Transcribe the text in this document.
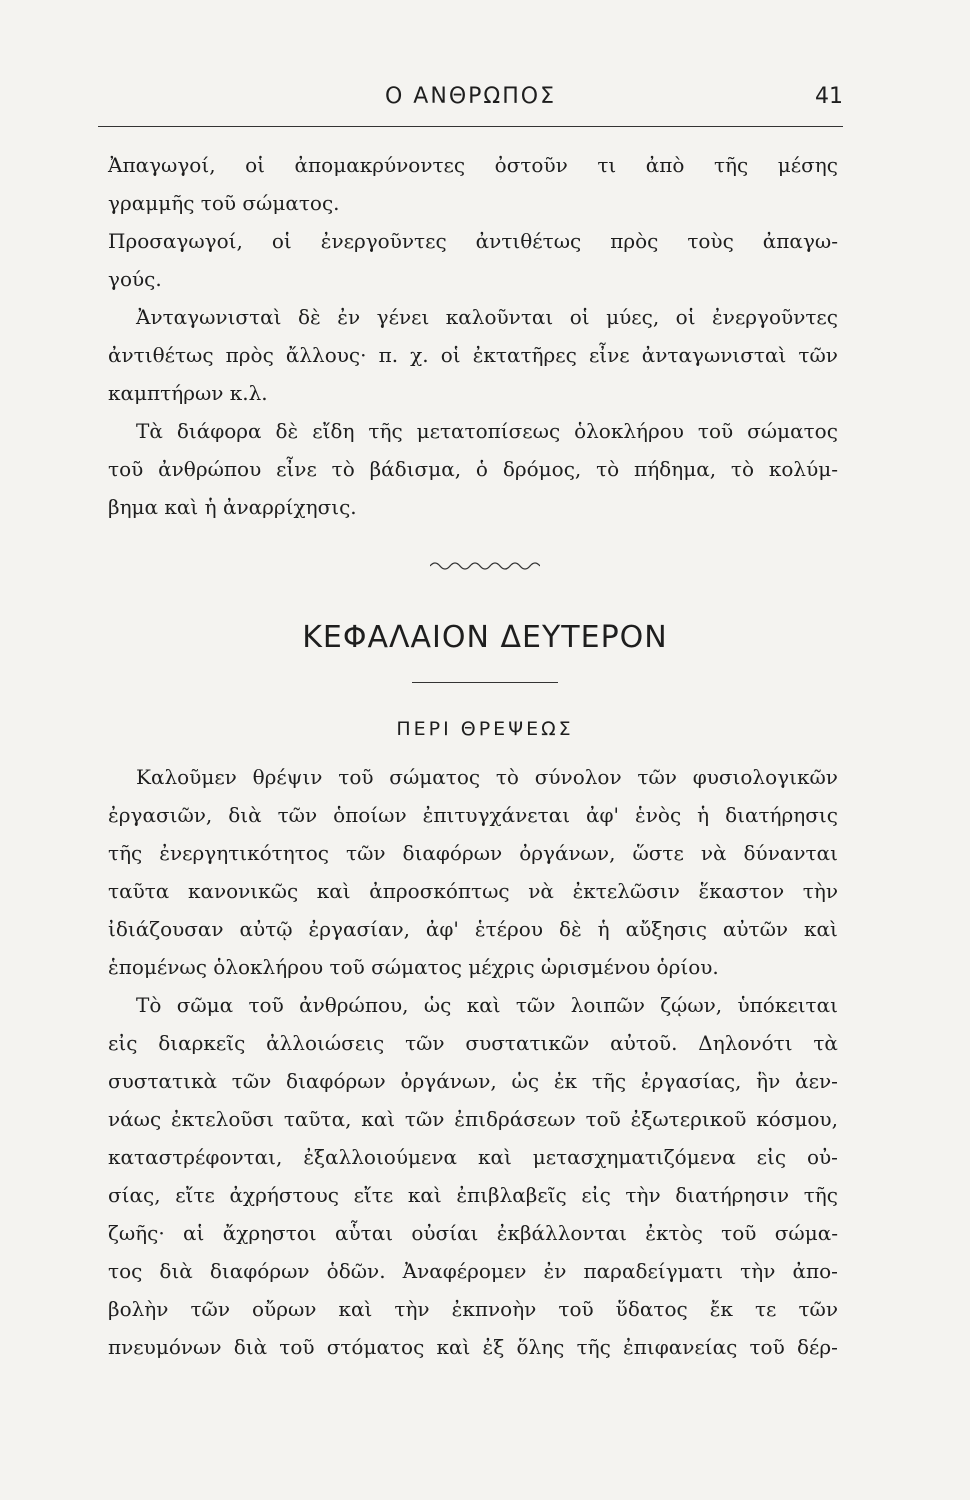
Ο ΑΝΘΡΩΠΟΣ	41
Ἀπαγωγοί, οἱ ἀπομακρύνοντες ὀστοῦν τι ἀπὸ τῆς μέσης
γραμμῆς τοῦ σώματος.
Προσαγωγοί, οἱ ἐνεργοῦντες ἀντιθέτως πρὸς τοὺς ἀπαγω-
γούς.
Ἀνταγωνισταὶ δὲ ἐν γένει καλοῦνται οἱ μύες, οἱ ἐνεργοῦντες
ἀντιθέτως πρὸς ἄλλους· π. χ. οἱ ἐκτατῆρες εἶνε ἀνταγωνισταὶ τῶν
καμπτήρων κ.λ.
Τὰ διάφορα δὲ εἴδη τῆς μετατοπίσεως ὁλοκλήρου τοῦ σώματος
τοῦ ἀνθρώπου εἶνε τὸ βάδισμα, ὁ δρόμος, τὸ πήδημα, τὸ κολύμ-
βημα καὶ ἡ ἀναρρίχησις.
ΚΕΦΑΛΑΙΟΝ ΔΕΥΤΕΡΟΝ
ΠΕΡΙ ΘΡΕΨΕΩΣ
Καλοῦμεν θρέψιν τοῦ σώματος τὸ σύνολον τῶν φυσιολογικῶν
ἐργασιῶν, διὰ τῶν ὁποίων ἐπιτυγχάνεται ἀφ' ἑνὸς ἡ διατήρησις
τῆς ἐνεργητικότητος τῶν διαφόρων ὀργάνων, ὥστε νὰ δύνανται
ταῦτα κανονικῶς καὶ ἀπροσκόπτως νὰ ἐκτελῶσιν ἕκαστον τὴν
ἰδιάζουσαν αὐτῷ ἐργασίαν, ἀφ' ἑτέρου δὲ ἡ αὔξησις αὐτῶν καὶ
ἑπομένως ὁλοκλήρου τοῦ σώματος μέχρις ὡρισμένου ὁρίου.
Τὸ σῶμα τοῦ ἀνθρώπου, ὡς καὶ τῶν λοιπῶν ζῴων, ὑπόκειται
εἰς διαρκεῖς ἀλλοιώσεις τῶν συστατικῶν αὐτοῦ. Δηλονότι τὰ
συστατικὰ τῶν διαφόρων ὀργάνων, ὡς ἐκ τῆς ἐργασίας, ἣν ἀεν-
νάως ἐκτελοῦσι ταῦτα, καὶ τῶν ἐπιδράσεων τοῦ ἐξωτερικοῦ κόσμου,
καταστρέφονται, ἐξαλλοιούμενα καὶ μετασχηματιζόμενα εἰς οὐ-
σίας, εἴτε ἀχρήστους εἴτε καὶ ἐπιβλαβεῖς εἰς τὴν διατήρησιν τῆς
ζωῆς· αἱ ἄχρηστοι αὗται οὐσίαι ἐκβάλλονται ἐκτὸς τοῦ σώμα-
τος διὰ διαφόρων ὁδῶν. Ἀναφέρομεν ἐν παραδείγματι τὴν ἀπο-
βολὴν τῶν οὔρων καὶ τὴν ἐκπνοὴν τοῦ ὕδατος ἔκ τε τῶν
πνευμόνων διὰ τοῦ στόματος καὶ ἐξ ὅλης τῆς ἐπιφανείας τοῦ δέρ-
